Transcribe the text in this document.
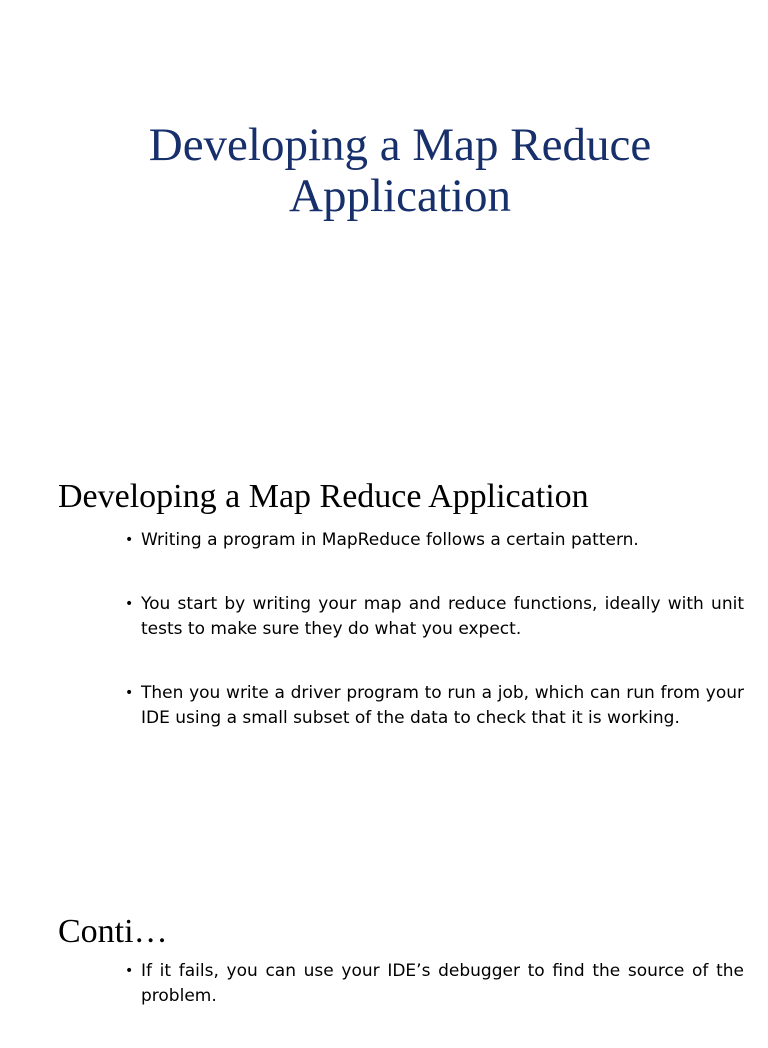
Developing a Map Reduce
Application
Developing a Map Reduce Application
• Writing a program in MapReduce follows a certain pattern.
• You start by writing your map and reduce functions, ideally with unit tests to make sure they do what you expect.
• Then you write a driver program to run a job, which can run from your IDE using a small subset of the data to check that it is working.
Conti…
• If it fails, you can use your IDE’s debugger to find the source of the problem.
